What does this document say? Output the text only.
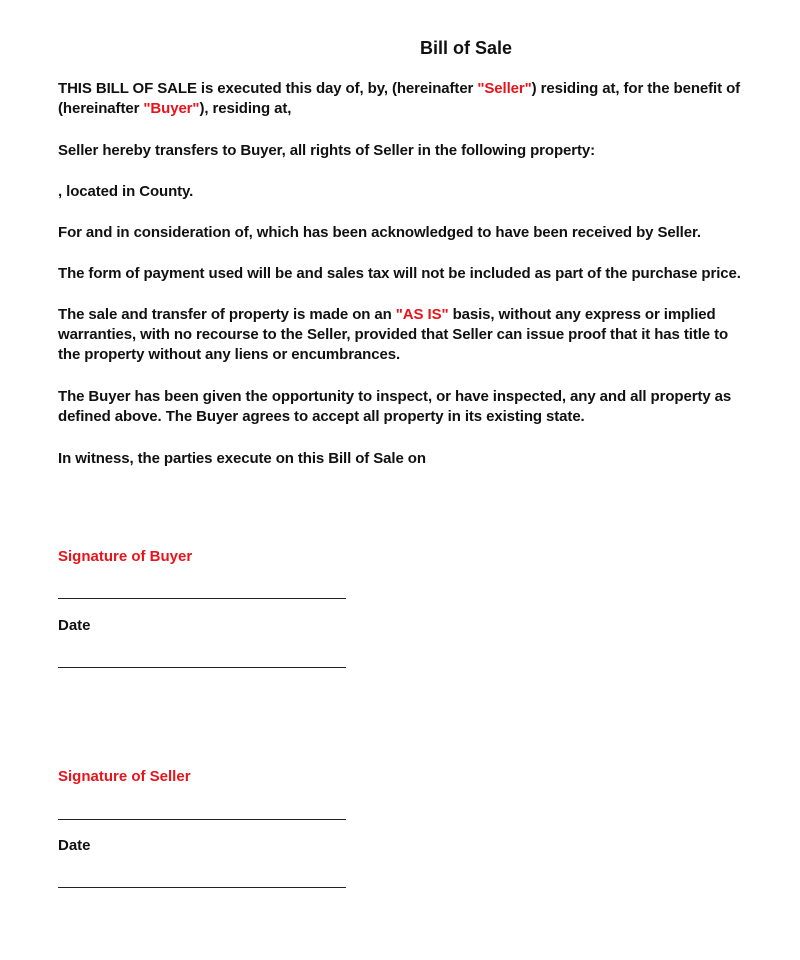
Bill of Sale
THIS BILL OF SALE is executed this day of, by, (hereinafter "Seller") residing at, for the benefit of (hereinafter "Buyer"), residing at,
Seller hereby transfers to Buyer, all rights of Seller in the following property:
, located in County.
For and in consideration of, which has been acknowledged to have been received by Seller.
The form of payment used will be and sales tax will not be included as part of the purchase price.
The sale and transfer of property is made on an "AS IS" basis, without any express or implied warranties, with no recourse to the Seller, provided that Seller can issue proof that it has title to the property without any liens or encumbrances.
The Buyer has been given the opportunity to inspect, or have inspected, any and all property as defined above. The Buyer agrees to accept all property in its existing state.
In witness, the parties execute on this Bill of Sale on
Signature of Buyer
Date
Signature of Seller
Date
